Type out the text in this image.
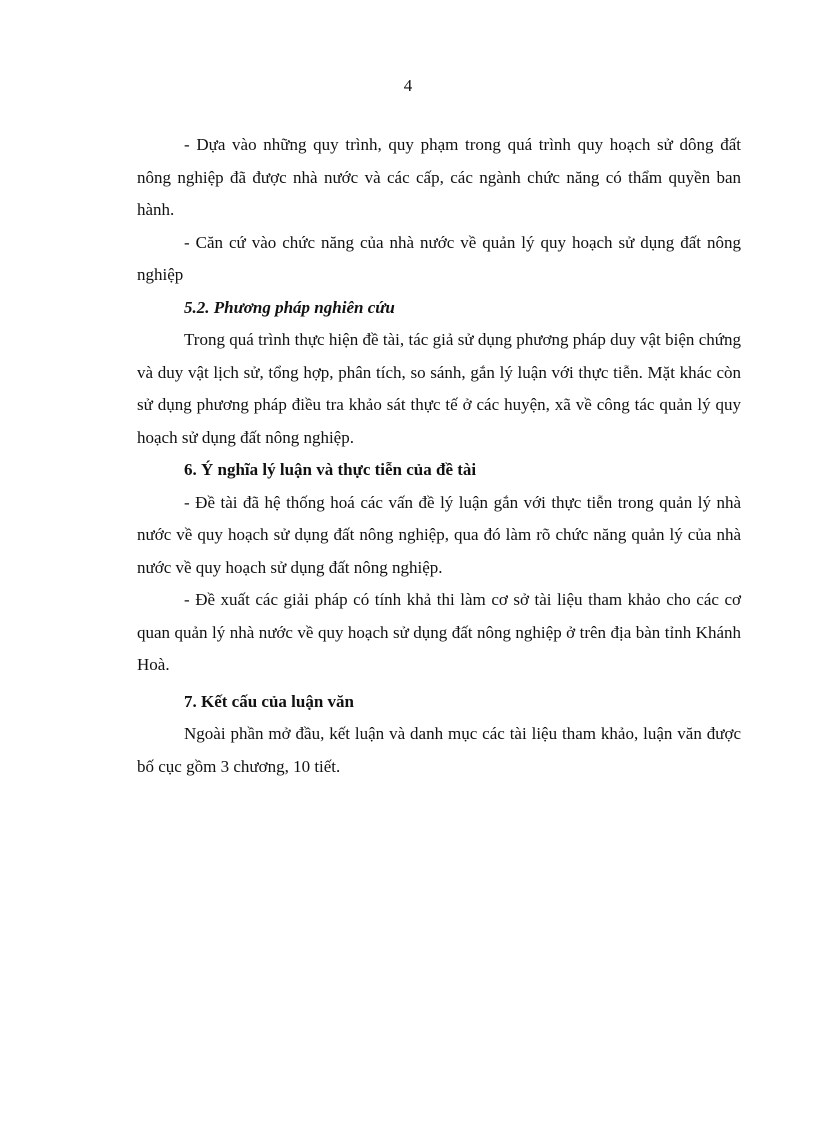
4

- Dựa vào những quy trình, quy phạm trong quá trình quy hoạch sử dông đất nông nghiệp đã được nhà nước và các cấp, các ngành chức năng có thẩm quyền ban hành.

- Căn cứ vào chức năng của nhà nước về quản lý quy hoạch sử dụng đất nông nghiệp

5.2. Phương pháp nghiên cứu

Trong quá trình thực hiện đề tài, tác giả sử dụng phương pháp duy vật biện chứng và duy vật lịch sử, tổng hợp, phân tích, so sánh, gắn lý luận với thực tiễn. Mặt khác còn sử dụng phương pháp điều tra khảo sát thực tế ở các huyện, xã về công tác quản lý quy hoạch sử dụng đất nông nghiệp.

6. Ý nghĩa lý luận và thực tiễn của đề tài

- Đề tài đã hệ thống hoá các vấn đề lý luận gắn với thực tiễn trong quản lý nhà nước về quy hoạch sử dụng đất nông nghiệp, qua đó làm rõ chức năng quản lý của nhà nước về quy hoạch sử dụng đất nông nghiệp.

- Đề xuất các giải pháp có tính khả thi làm cơ sở tài liệu tham khảo cho các cơ quan quản lý nhà nước về quy hoạch sử dụng đất nông nghiệp ở trên địa bàn tỉnh Khánh Hoà.

7. Kết cấu của luận văn

Ngoài phần mở đầu, kết luận và danh mục các tài liệu tham khảo, luận văn được bố cục gồm 3 chương, 10 tiết.
